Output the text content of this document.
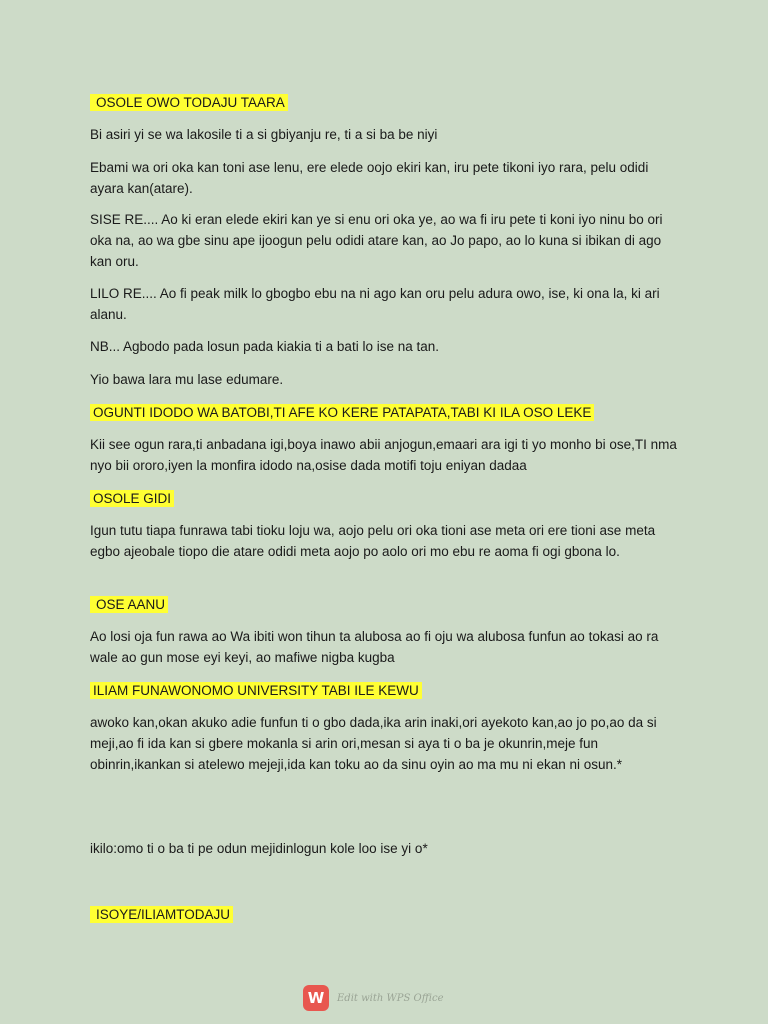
OSOLE OWO TODAJU TAARA

Bi asiri yi se wa lakosile ti a si gbiyanju re, ti a si ba be niyi

Ebami wa ori oka kan toni ase lenu, ere elede oojo ekiri kan, iru pete tikoni iyo rara, pelu odidi ayara kan(atare).

SISE RE.... Ao ki eran elede ekiri kan ye si enu ori oka ye, ao wa fi iru pete ti koni iyo ninu bo ori oka na, ao wa gbe sinu ape ijoogun pelu odidi atare kan, ao Jo papo, ao lo kuna si ibikan di ago kan oru.

LILO RE.... Ao fi peak milk lo gbogbo ebu na ni ago kan oru pelu adura owo, ise, ki ona la, ki ari alanu.

NB... Agbodo pada losun pada kiakia ti a bati lo ise na tan.

Yio bawa lara mu lase edumare.

OGUNTI IDODO WA BATOBI,TI AFE KO KERE PATAPATA,TABI KI ILA OSO LEKE

Kii see ogun rara,ti anbadana igi,boya inawo abii anjogun,emaari ara igi ti yo monho bi ose,TI nma nyo bii ororo,iyen la monfira idodo na,osise dada motifi toju eniyan dadaa

OSOLE GIDI

Igun tutu tiapa funrawa tabi tioku loju wa, aojo pelu ori oka tioni ase meta ori ere tioni ase meta egbo ajeobale tiopo die atare odidi meta aojo po aolo ori mo ebu re aoma fi ogi gbona lo.

OSE AANU

Ao losi oja fun rawa ao Wa ibiti won tihun ta alubosa ao fi oju wa alubosa funfun ao tokasi ao ra wale ao gun mose eyi keyi, ao mafiwe nigba kugba

ILIAM FUNAWONOMO UNIVERSITY TABI ILE KEWU

awoko kan,okan akuko adie funfun ti o gbo dada,ika arin inaki,ori ayekoto kan,ao jo po,ao da si meji,ao fi ida kan si gbere mokanla si arin ori,mesan si aya ti o ba je okunrin,meje fun obinrin,ikankan si atelewo mejeji,ida kan toku ao da sinu oyin ao ma mu ni ekan ni osun.*

ikilo:omo ti o ba ti pe odun mejidinlogun kole loo ise yi o*

ISOYE/ILIAMTODAJU

W	Edit with WPS Office
